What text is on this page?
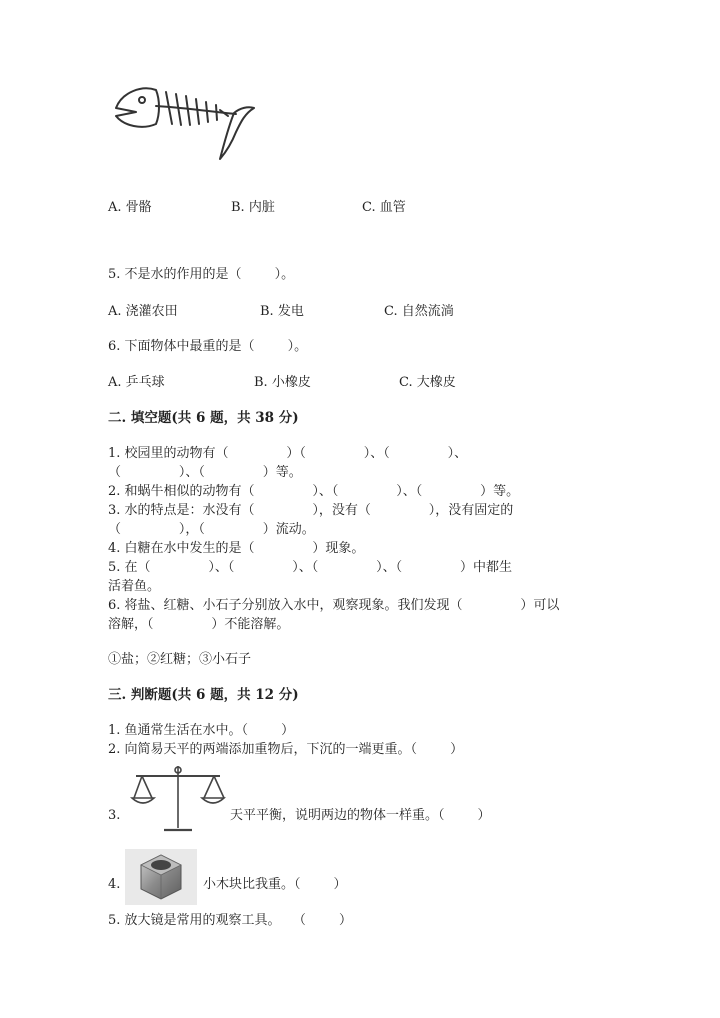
A. 骨骼	B. 内脏	C. 血管
5. 不是水的作用的是（        ）。
A. 浇灌农田	B. 发电	C. 自然流淌
6. 下面物体中最重的是（        ）。
A. 乒乓球	B. 小橡皮	C. 大橡皮
二. 填空题(共 6 题，共 38 分)
1. 校园里的动物有（              ）（              ）、（              ）、
（              ）、（              ）等。
2. 和蜗牛相似的动物有（              ）、（              ）、（              ）等。
3. 水的特点是：水没有（              ），没有（              ），没有固定的
（              ），（              ）流动。
4. 白糖在水中发生的是（              ）现象。
5. 在（              ）、（              ）、（              ）、（              ）中都生
活着鱼。
6. 将盐、红糖、小石子分别放入水中，观察现象。我们发现（              ）可以
溶解，（              ）不能溶解。
①盐；②红糖；③小石子
三. 判断题(共 6 题，共 12 分)
1. 鱼通常生活在水中。（        ）
2. 向简易天平的两端添加重物后，下沉的一端更重。（        ）
3.	天平平衡，说明两边的物体一样重。（        ）
4.	小木块比我重。（        ）
5. 放大镜是常用的观察工具。   （        ）
